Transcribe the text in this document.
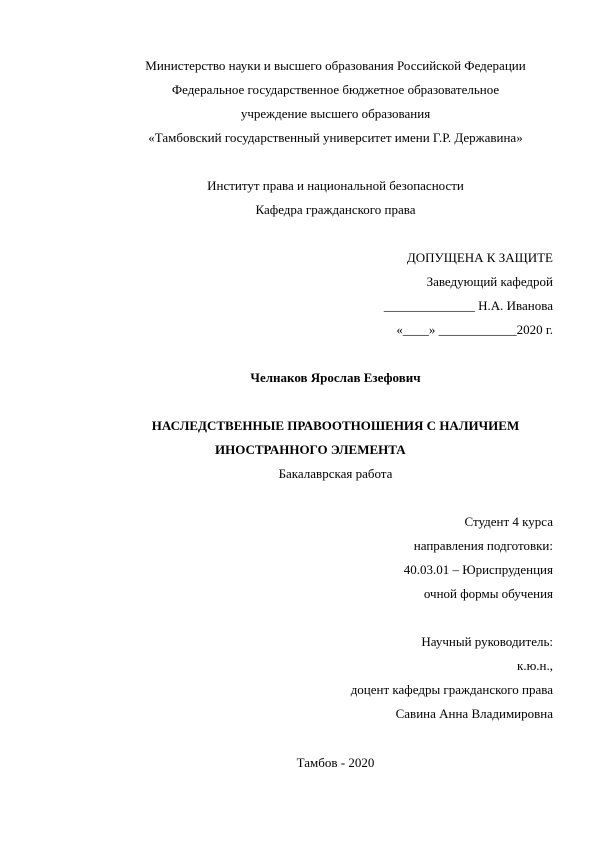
Министерство науки и высшего образования Российской Федерации
Федеральное государственное бюджетное образовательное
учреждение высшего образования
«Тамбовский государственный университет имени Г.Р. Державина»
Институт права и национальной безопасности
Кафедра гражданского права
ДОПУЩЕНА К ЗАЩИТЕ
Заведующий кафедрой
______________ Н.А. Иванова
«____» ____________2020 г.
Челнаков Ярослав Езефович
НАСЛЕДСТВЕННЫЕ ПРАВООТНОШЕНИЯ С НАЛИЧИЕМ
ИНОСТРАННОГО ЭЛЕМЕНТА
Бакалаврская работа
Студент 4 курса
направления подготовки:
40.03.01 – Юриспруденция
очной формы обучения
Научный руководитель:
к.ю.н.,
доцент кафедры гражданского права
Савина Анна Владимировна
Тамбов - 2020
